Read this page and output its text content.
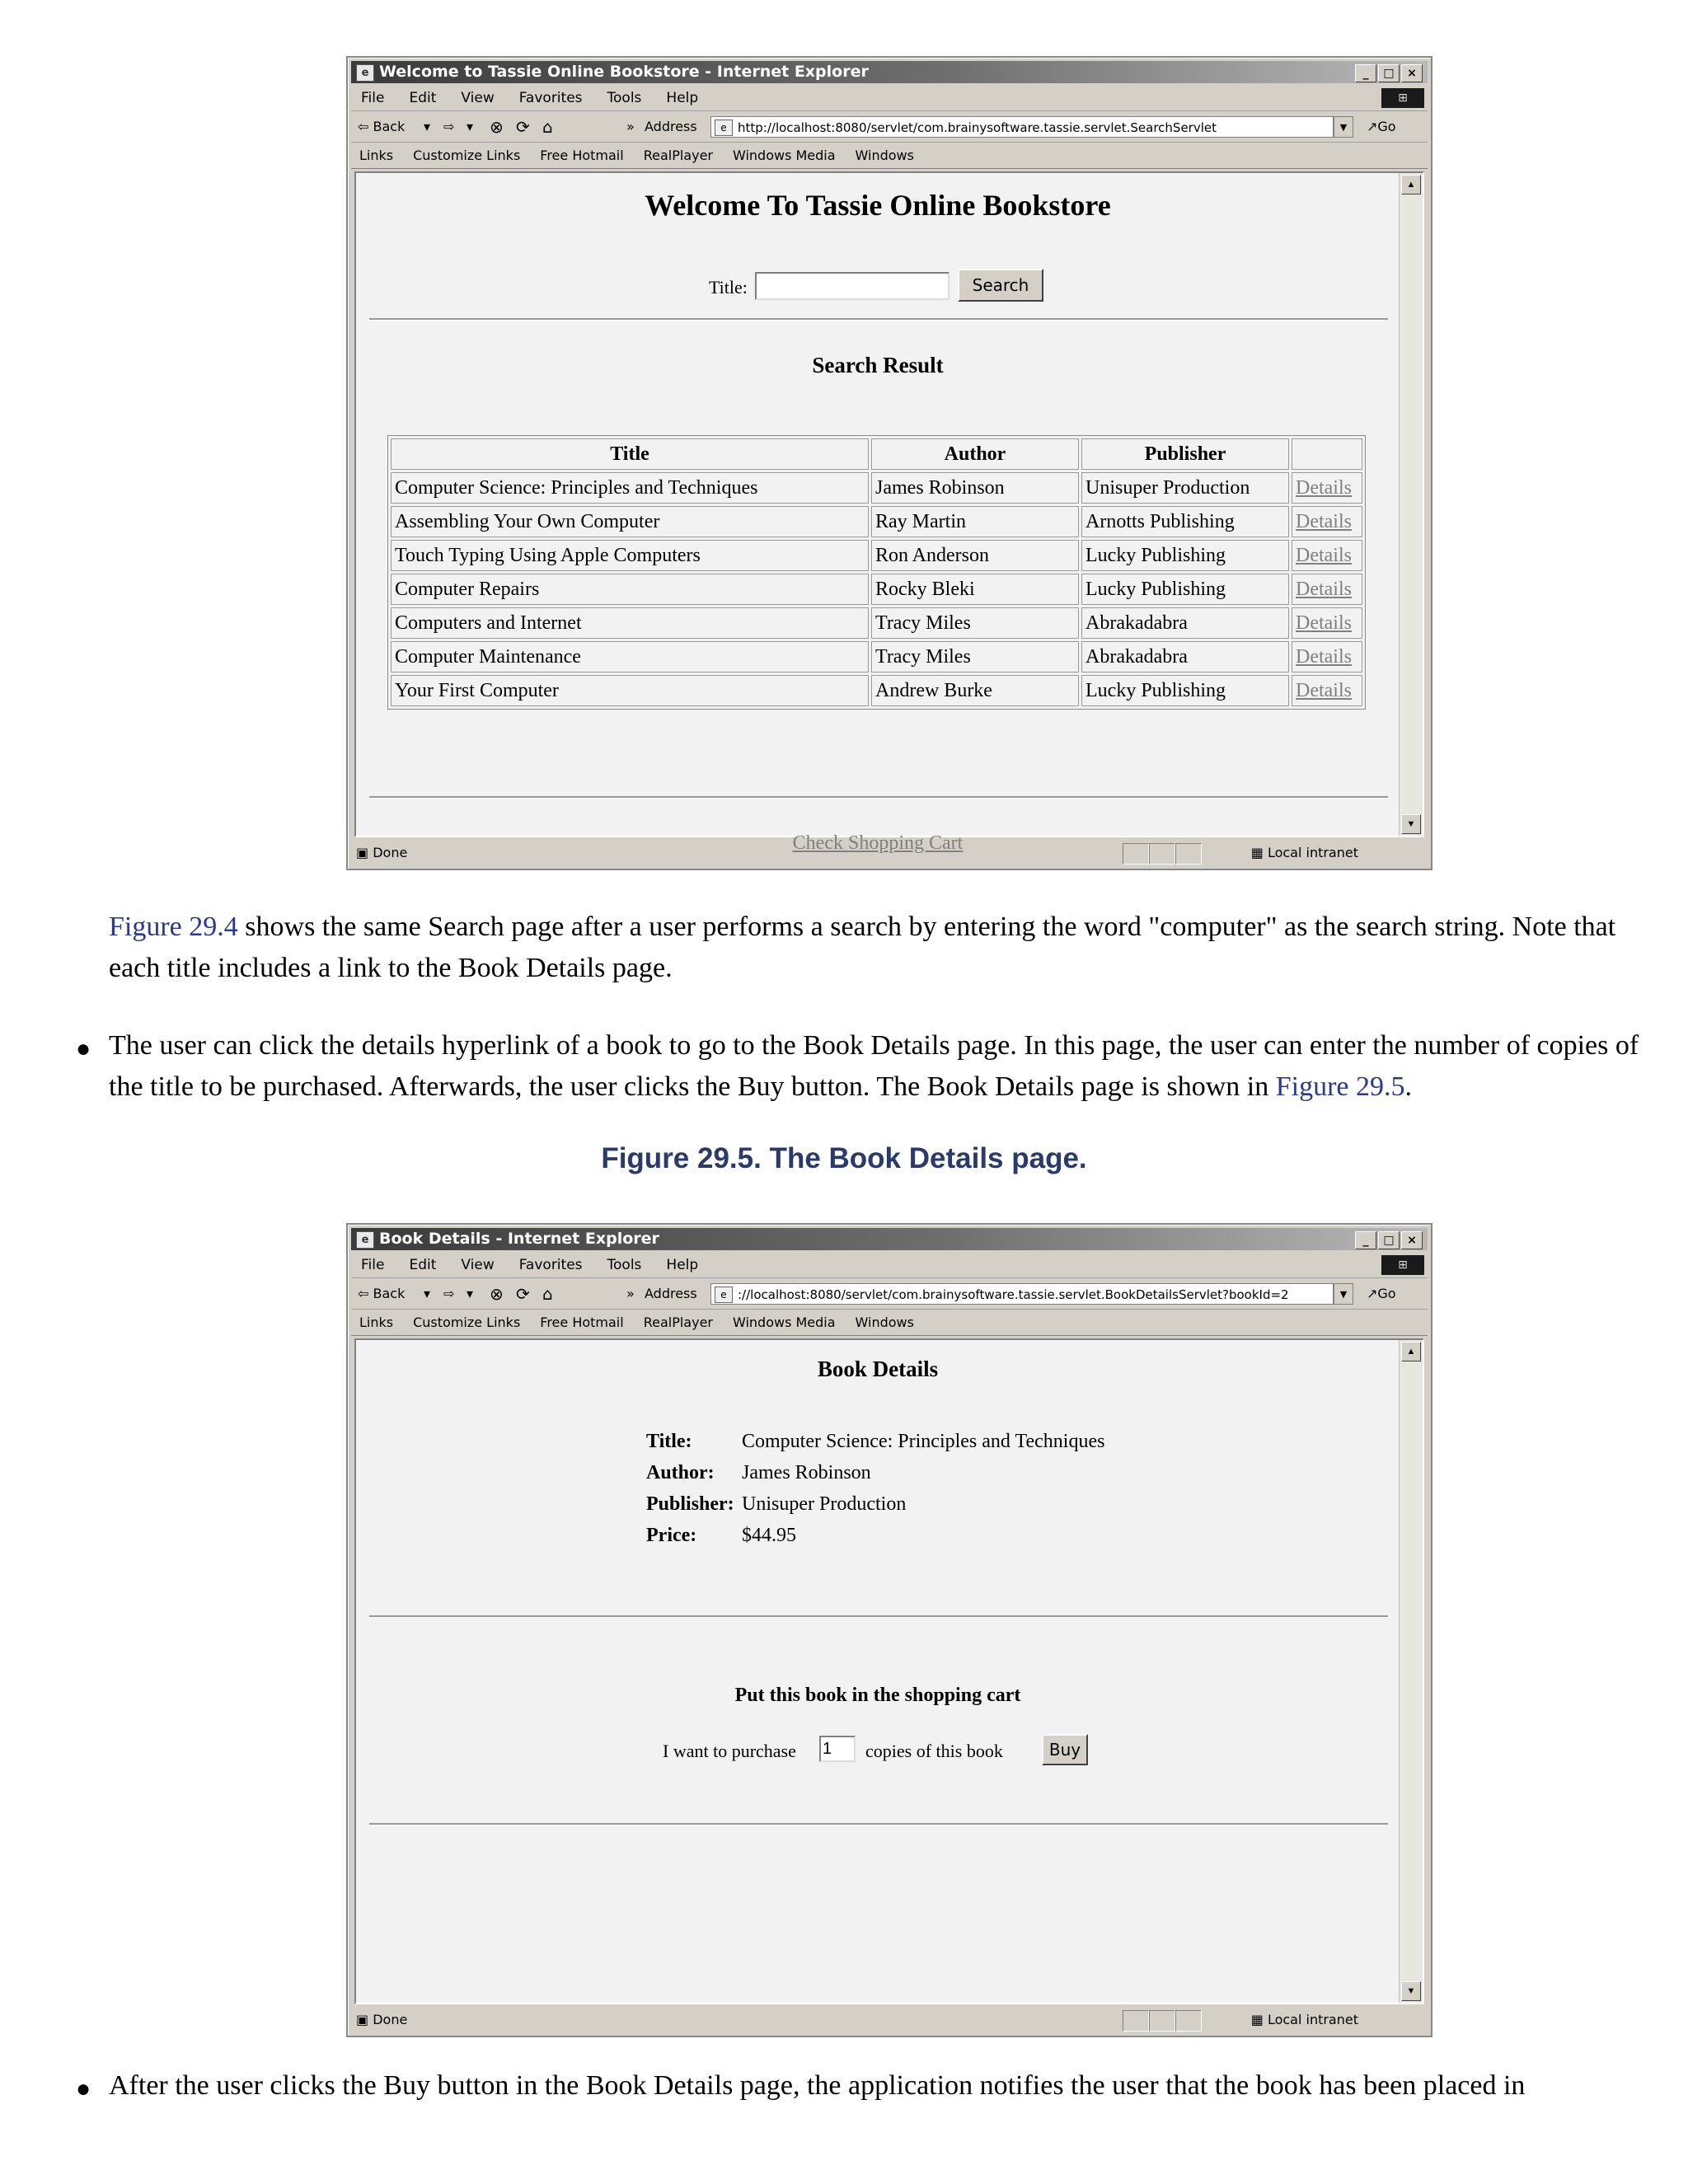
e Welcome to Tassie Online Bookstore - Internet Explorer	_	□	×
File Edit View Favorites Tools Help	⊞
⇦ Back ▾ ⇨ ▾ ⊗ ⟳ ⌂	» Address	e http://localhost:8080/servlet/com.brainysoftware.tassie.servlet.SearchServlet	▼	↗Go
Links Customize Links Free Hotmail RealPlayer Windows Media Windows
Welcome To Tassie Online Bookstore
Title:	Search
Search Result
Title	Author	Publisher	
Computer Science: Principles and Techniques	James Robinson	Unisuper Production	Details
Assembling Your Own Computer	Ray Martin	Arnotts Publishing	Details
Touch Typing Using Apple Computers	Ron Anderson	Lucky Publishing	Details
Computer Repairs	Rocky Bleki	Lucky Publishing	Details
Computers and Internet	Tracy Miles	Abrakadabra	Details
Computer Maintenance	Tracy Miles	Abrakadabra	Details
Your First Computer	Andrew Burke	Lucky Publishing	Details
Check Shopping Cart
▲
▼
▣ Done	▦ Local intranet
Figure 29.4 shows the same Search page after a user performs a search by entering the word "computer" as the search string. Note that each title includes a link to the Book Details page.
● The user can click the details hyperlink of a book to go to the Book Details page. In this page, the user can enter the number of copies of the title to be purchased. Afterwards, the user clicks the Buy button. The Book Details page is shown in Figure 29.5.
Figure 29.5. The Book Details page.
e Book Details - Internet Explorer	_	□	×
File Edit View Favorites Tools Help	⊞
⇦ Back ▾ ⇨ ▾ ⊗ ⟳ ⌂	» Address	e ://localhost:8080/servlet/com.brainysoftware.tassie.servlet.BookDetailsServlet?bookId=2	▼	↗Go
Links Customize Links Free Hotmail RealPlayer Windows Media Windows
Book Details
Title:	Computer Science: Principles and Techniques
Author: James Robinson
Publisher: Unisuper Production
Price: $44.95
Put this book in the shopping cart
I want to purchase
1	copies of this book	Buy
▲
▼
▣ Done	▦ Local intranet
● After the user clicks the Buy button in the Book Details page, the application notifies the user that the book has been placed in
